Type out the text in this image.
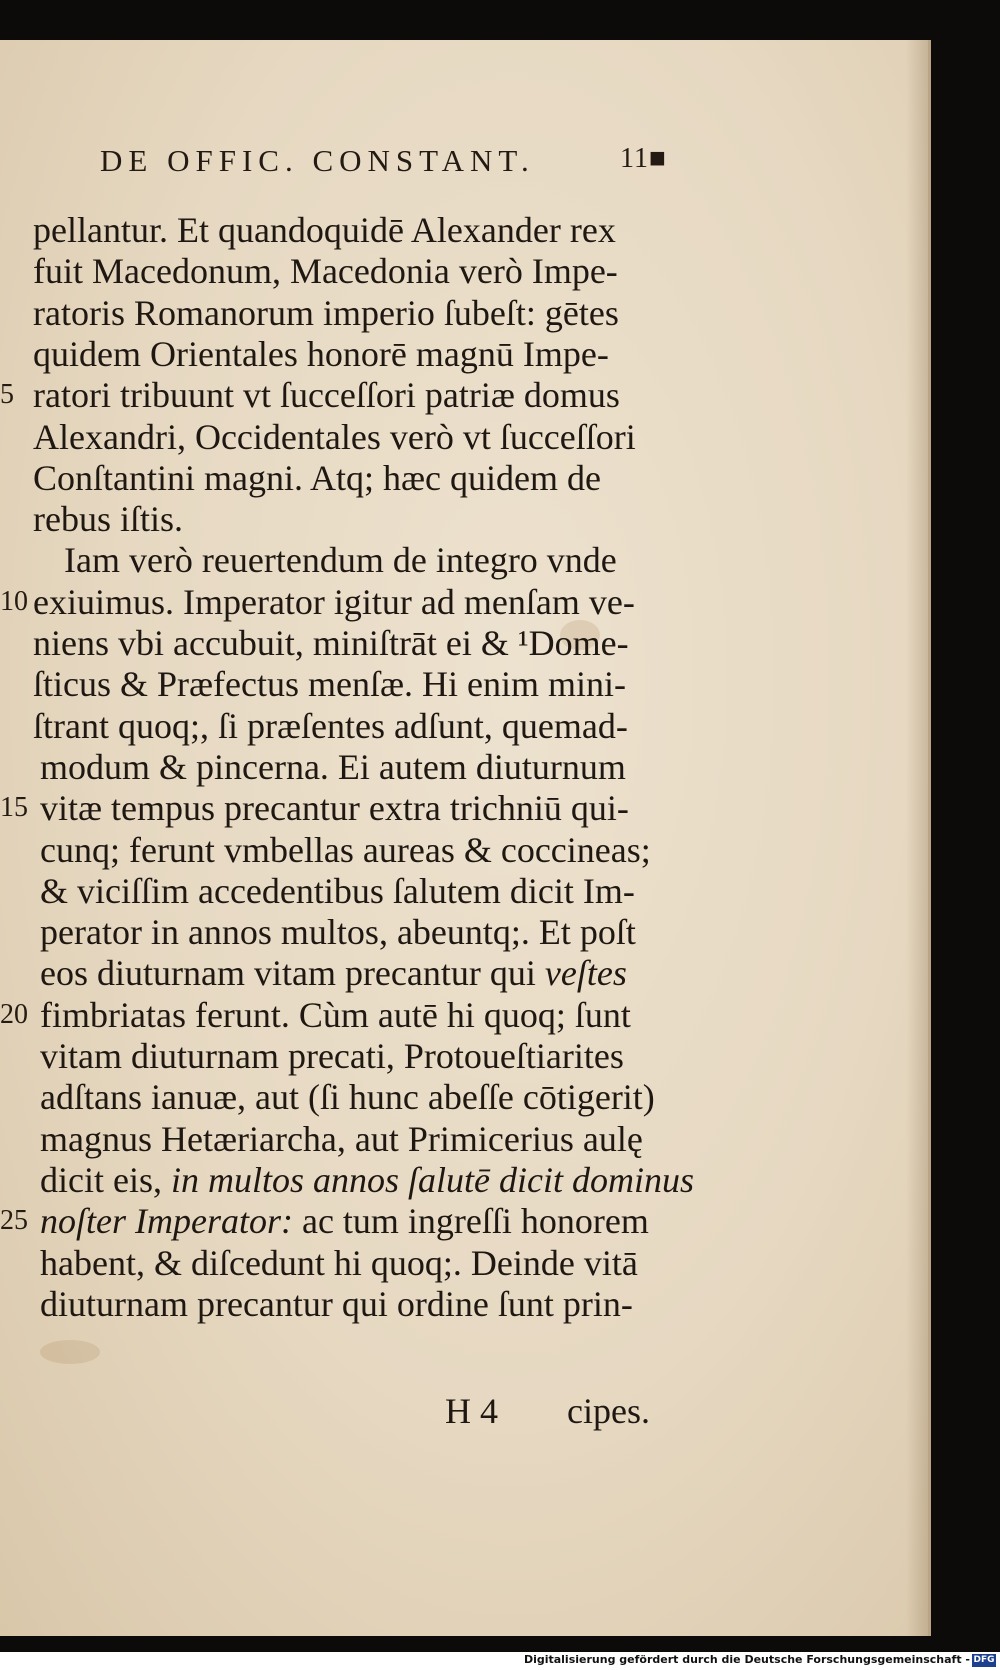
DE OFFIC. CONSTANT.	11■
pellantur. Et quandoquidē Alexander rex
fuit Macedonum, Macedonia verò Impe-
ratoris Romanorum imperio ſubeſt: gētes
quidem Orientales honorē magnū Impe-
ratori tribuunt vt ſucceſſori patriæ domus
5
Alexandri, Occidentales verò vt ſucceſſori
Conſtantini magni. Atq; hæc quidem de
rebus iſtis.
Iam verò reuertendum de integro vnde
exiuimus. Imperator igitur ad menſam ve-
10
niens vbi accubuit, miniſtrāt ei & ¹Dome-
ſticus & Præfectus menſæ. Hi enim mini-
ſtrant quoq;, ſi præſentes adſunt, quemad-
modum & pincerna. Ei autem diuturnum
vitæ tempus precantur extra trichniū qui-
15
cunq; ferunt vmbellas aureas & coccineas;
& viciſſim accedentibus ſalutem dicit Im-
perator in annos multos, abeuntq;. Et poſt
eos diuturnam vitam precantur qui veſtes
fimbriatas ferunt. Cùm autē hi quoq; ſunt
20
vitam diuturnam precati, Protoueſtiarites
adſtans ianuæ, aut (ſi hunc abeſſe cōtigerit)
magnus Hetæriarcha, aut Primicerius aulę
dicit eis, in multos annos ſalutē dicit dominus
noſter Imperator: ac tum ingreſſi honorem
25
habent, & diſcedunt hi quoq;. Deinde vitā
diuturnam precantur qui ordine ſunt prin-
H 4 cipes.
Digitalisierung gefördert durch die Deutsche Forschungsgemeinschaft - DFG
